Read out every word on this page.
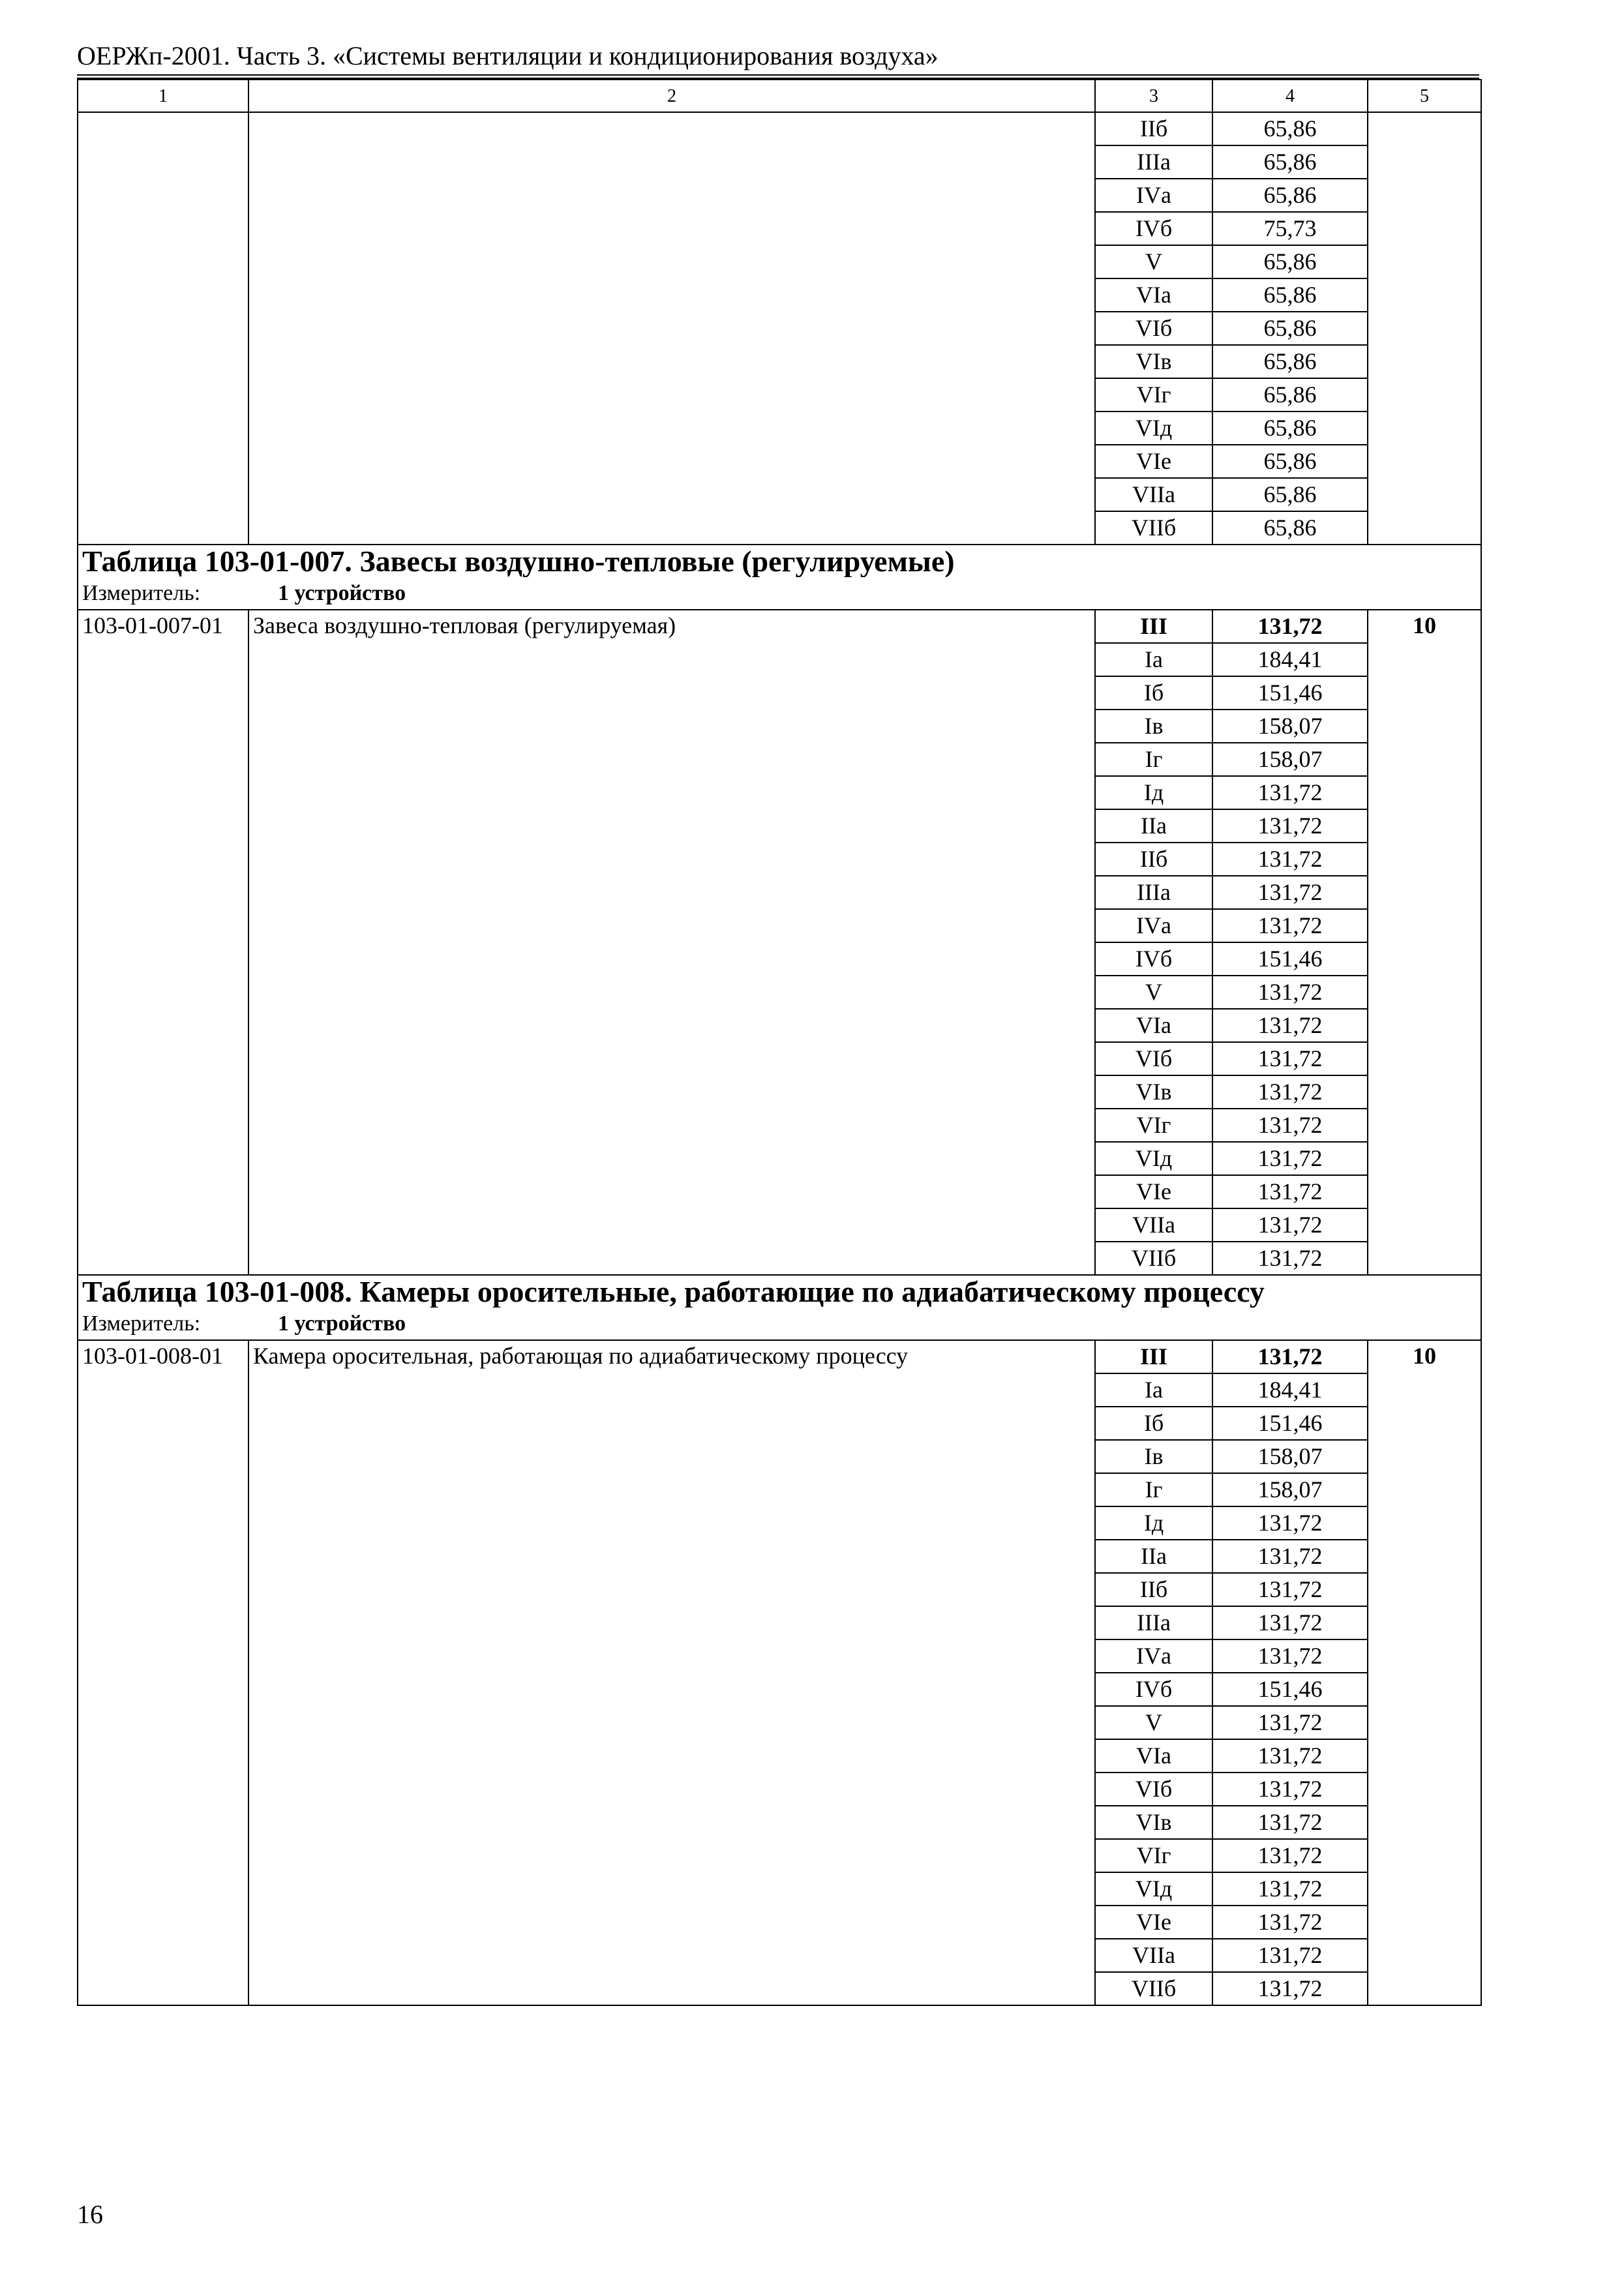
ОЕРЖп-2001. Часть 3. «Системы вентиляции и кондиционирования воздуха»
1	2	3	4	5
		IIб	65,86	
		IIIа	65,86	
		IVа	65,86	
		IVб	75,73	
		V	65,86	
		VIа	65,86	
		VIб	65,86	
		VIв	65,86	
		VIг	65,86	
		VIд	65,86	
		VIе	65,86	
		VIIа	65,86	
		VIIб	65,86	
Таблица 103-01-007. Завесы воздушно-тепловые (регулируемые)				
Измеритель: 1 устройство				
103-01-007-01	Завеса воздушно-тепловая (регулируемая)	III	131,72	10
		Iа	184,41	
		Iб	151,46	
		Iв	158,07	
		Iг	158,07	
		Iд	131,72	
		IIа	131,72	
		IIб	131,72	
		IIIа	131,72	
		IVа	131,72	
		IVб	151,46	
		V	131,72	
		VIа	131,72	
		VIб	131,72	
		VIв	131,72	
		VIг	131,72	
		VIд	131,72	
		VIе	131,72	
		VIIа	131,72	
		VIIб	131,72	
Таблица 103-01-008. Камеры оросительные, работающие по адиабатическому процессу				
Измеритель: 1 устройство				
103-01-008-01	Камера оросительная, работающая по адиабатическому процессу	III	131,72	10
		Iа	184,41	
		Iб	151,46	
		Iв	158,07	
		Iг	158,07	
		Iд	131,72	
		IIа	131,72	
		IIб	131,72	
		IIIа	131,72	
		IVа	131,72	
		IVб	151,46	
		V	131,72	
		VIа	131,72	
		VIб	131,72	
		VIв	131,72	
		VIг	131,72	
		VIд	131,72	
		VIе	131,72	
		VIIа	131,72	
		VIIб	131,72	
16
